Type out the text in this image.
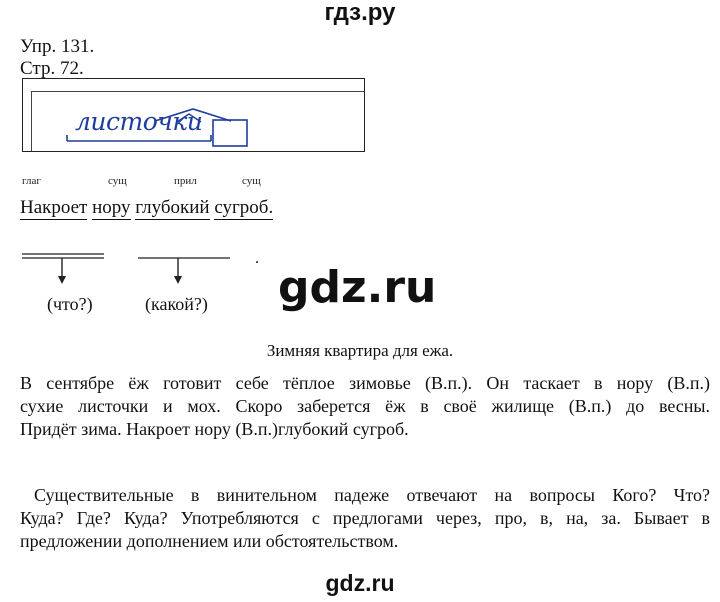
гдз.ру
Упр. 131.
Стр. 72.
листочки
глаг	сущ	прил	сущ
Накроет нору глубокий сугроб.
.
(что?)	(какой?) gdz.ru
Зимняя квартира для ежа.
В сентябре ёж готовит себе тёплое зимовье (В.п.). Он таскает в нору (В.п.)
сухие листочки и мох. Скоро заберется ёж в своё жилище (В.п.) до весны.
Придёт зима. Накроет нору (В.п.)глубокий сугроб.
Существительные в винительном падеже отвечают на вопросы Кого? Что?
Куда? Где? Куда? Употребляются с предлогами через, про, в, на, за. Бывает в
предложении дополнением или обстоятельством.
gdz.ru
